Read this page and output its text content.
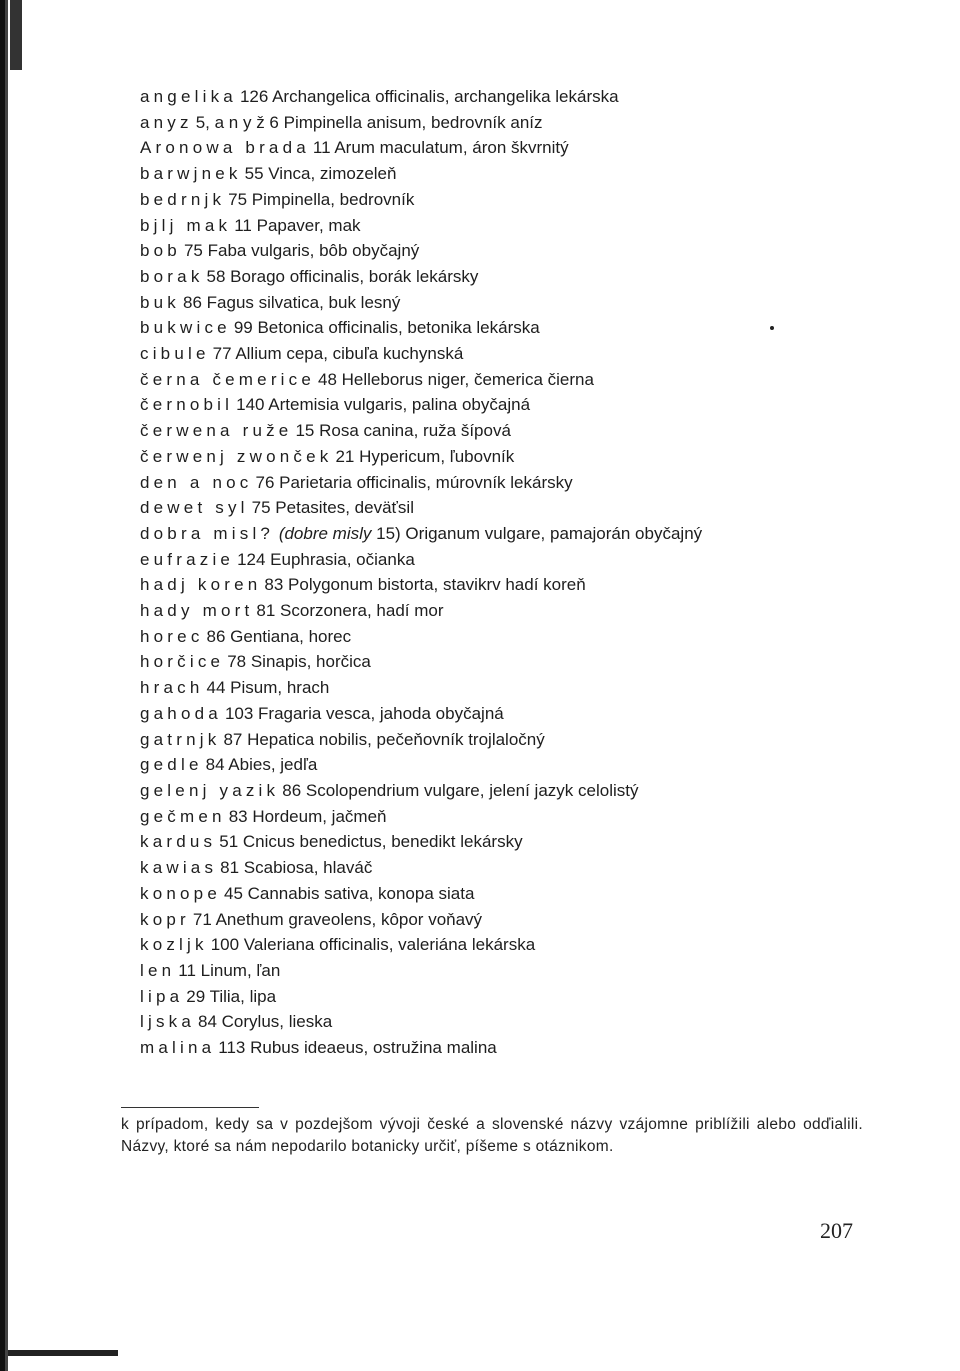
angelika 126 Archangelica officinalis, archangelika lekárska
anyz 5, a n y ž 6 Pimpinella anisum, bedrovník aníz
Aronowa brada 11 Arum maculatum, áron škvrnitý
barwjnek 55 Vinca, zimozeleň
bedrnjk 75 Pimpinella, bedrovník
bjlj mak 11 Papaver, mak
bob 75 Faba vulgaris, bôb obyčajný
borak 58 Borago officinalis, borák lekársky
buk 86 Fagus silvatica, buk lesný
bukwice 99 Betonica officinalis, betonika lekárska
cibule 77 Allium cepa, cibuľa kuchynská
černa čemerice 48 Helleborus niger, čemerica čierna
černobil 140 Artemisia vulgaris, palina obyčajná
čerwena ruže 15 Rosa canina, ruža šípová
čerwenj zwonček 21 Hypericum, ľubovník
den a noc 76 Parietaria officinalis, múrovník lekársky
dewet syl 75 Petasites, deväťsil
dobra misl? (dobre misly 15) Origanum vulgare, pamajorán obyčajný
eufrazie 124 Euphrasia, očianka
hadj koren 83 Polygonum bistorta, stavikrv hadí koreň
hady mort 81 Scorzonera, hadí mor
horec 86 Gentiana, horec
horčice 78 Sinapis, horčica
hrach 44 Pisum, hrach
gahoda 103 Fragaria vesca, jahoda obyčajná
gatrnjk 87 Hepatica nobilis, pečeňovník trojlaločný
gedle 84 Abies, jedľa
gelenj yazik 86 Scolopendrium vulgare, jelení jazyk celolistý
gečmen 83 Hordeum, jačmeň
kardus 51 Cnicus benedictus, benedikt lekársky
kawias 81 Scabiosa, hlaváč
konope 45 Cannabis sativa, konopa siata
kopr 71 Anethum graveolens, kôpor voňavý
kozljk 100 Valeriana officinalis, valeriána lekárska
len 11 Linum, ľan
lipa 29 Tilia, lipa
ljska 84 Corylus, lieska
malina 113 Rubus ideaeus, ostružina malina
k prípadom, kedy sa v pozdejšom vývoji české a slovenské názvy vzájomne priblížili alebo odďialili. Názvy, ktoré sa nám nepodarilo botanicky určiť, píšeme s otáznikom.
207
